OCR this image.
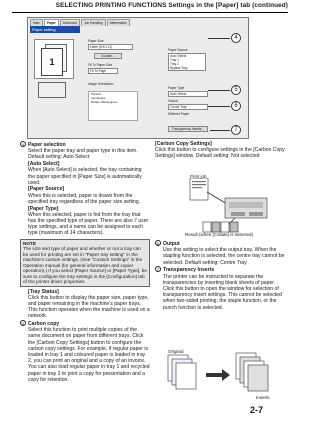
SELECTING PRINTING FUNCTIONS Settings in the [Paper] tab (continued)
Main	Paper	Advanced	Job Handling	Watermarks
Paper setting
1
Paper Size
Letter (8.5 x 11)
Custom...
Fit To Paper Size
Fit To Page
Image Orientation
Portrait
Landscape
Rotate 180 degrees
Paper Source
Auto Select
Tray 1
Tray 2
Bypass Tray
Paper Type
Auto Select
Output
Centre Tray
Different Paper
Transparency Inserts...
4
5
6
7
4 Paper selection
Select the paper tray and paper type in this item. Default setting: Auto Select
[Auto Select]
When [Auto Select] is selected, the tray containing the paper specified in [Paper Size] is automatically used.
[Paper Source]
When this is selected, paper is drawn from the specified tray regardless of the paper size setting.
[Paper Type]
When this selected, paper is fed from the tray that has the specified type of paper. There are also 7 user type settings, and a name can be assigned to each type (maximum of 14 characters).
NOTE
The size and type of paper and whether or not a tray can be used for printing are set in "Paper tray setting" in the machine's custom settings. (See "Custom Settings" in the Operation manual (for general information and copier operation).) If you select [Paper Source] or [Paper Type], be sure to configure the tray settings in the [Configuration] tab of the printer driver properties.
[Tray Status]
Click this button to display the paper size, paper type, and paper remaining in the machine's paper trays. This function operates when the machine is used on a network.
5 Carbon copy
Select this function to print multiple copies of the same document on paper from different trays. Click the [Carbon Copy Settings] button to configure the carbon copy settings. For example, if regular paper is loaded in tray 1 and coloured paper is loaded in tray 2, you can print an original and a copy of an invoice. You can also load regular paper in tray 1 and recycled paper in tray 2 to print a copy for presentation and a copy for retention.
[Carbon Copy Settings]
Click this button to configure settings in the [Carbon Copy Settings] window. Default setting: Not selected
Print job
Result (when [Collate] is selected)
6 Output
Use this setting to select the output tray. When the stapling function is selected, the centre tray cannot be selected. Default setting: Centre Tray
7 Transparency Inserts
The printer can be instructed to separate the transparencies by inserting blank sheets of paper. Click this button to open the window for selection of transparency insert settings. This cannot be selected when two-sided printing, the staple function, or the punch function is selected.
Original
Inserts
2-7
